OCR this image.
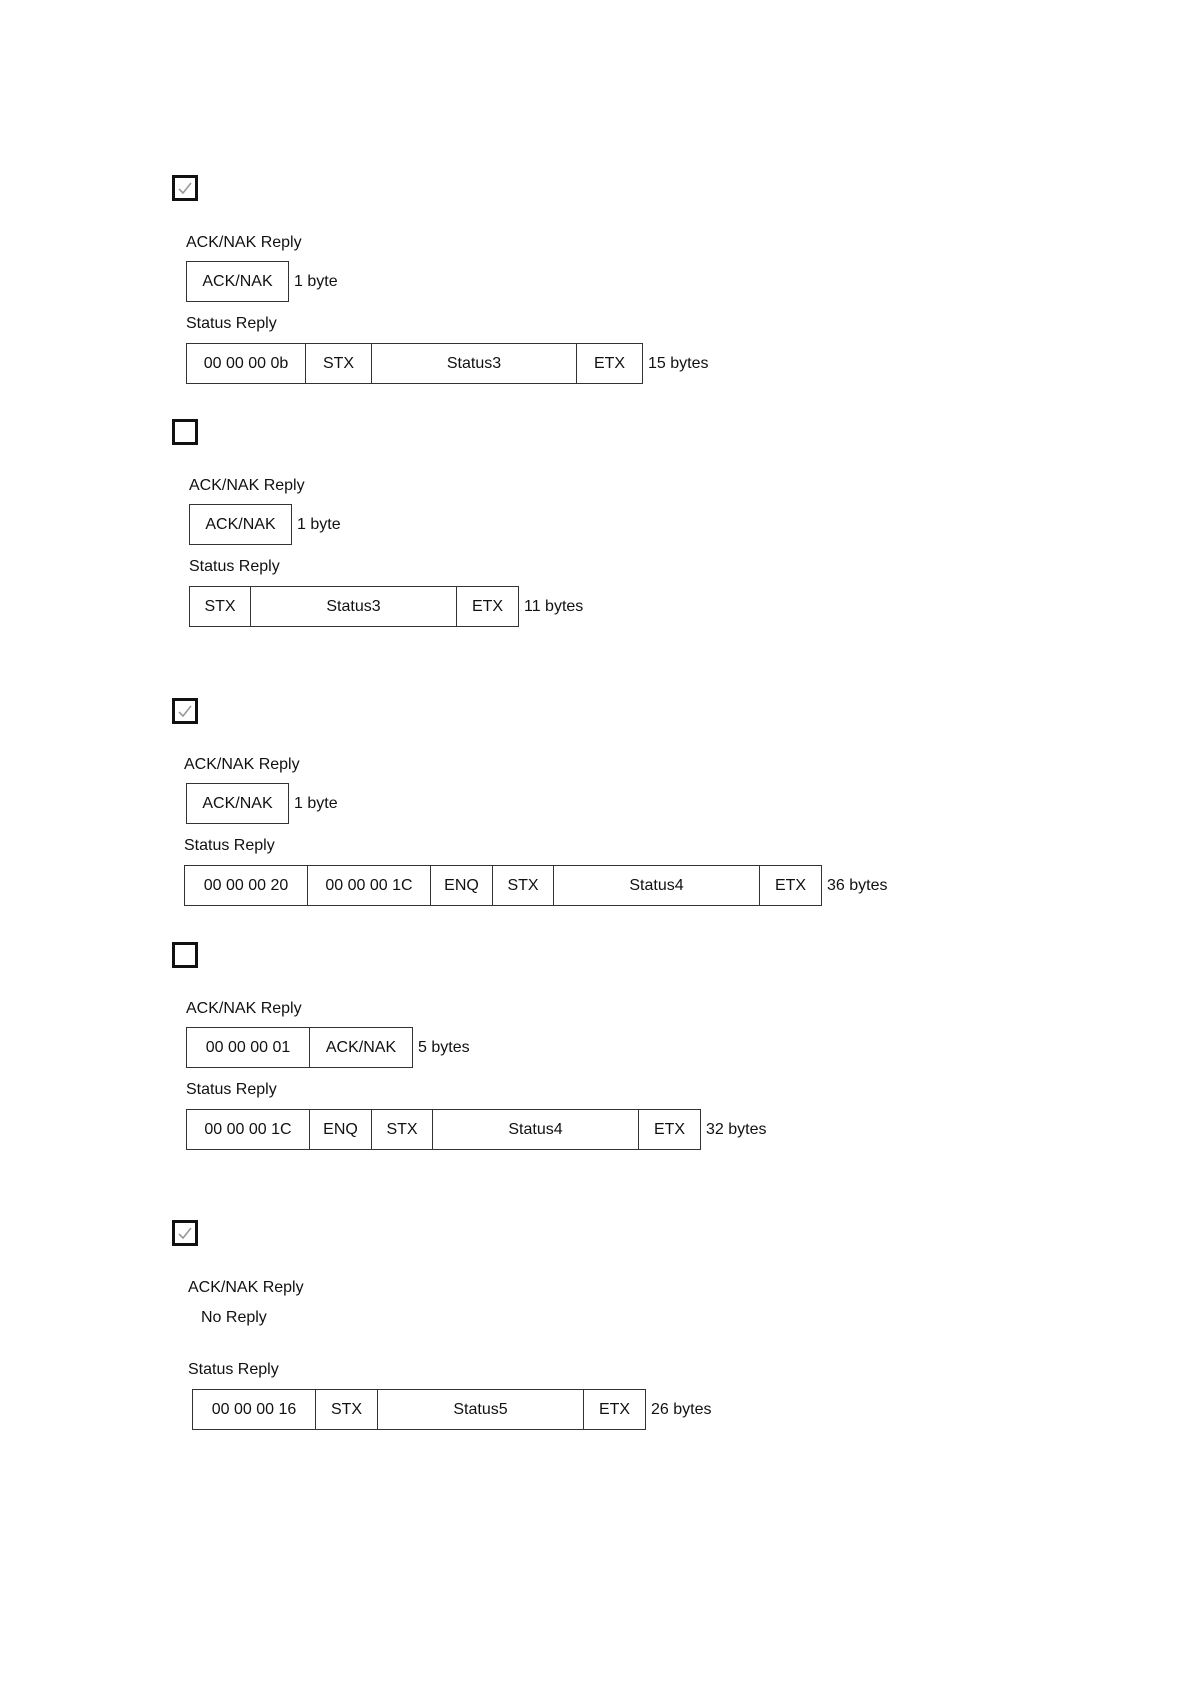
ACK/NAK Reply
ACK/NAK	1 byte
Status Reply
00 00 00 0b	STX	Status3	ETX	15 bytes
ACK/NAK Reply
ACK/NAK	1 byte
Status Reply
STX	Status3	ETX	11 bytes
ACK/NAK Reply
ACK/NAK	1 byte
Status Reply
00 00 00 20	00 00 00 1C	ENQ	STX	Status4	ETX	36 bytes
ACK/NAK Reply
00 00 00 01	ACK/NAK	5 bytes
Status Reply
00 00 00 1C	ENQ	STX	Status4	ETX	32 bytes
ACK/NAK Reply
No Reply
Status Reply
00 00 00 16	STX	Status5	ETX	26 bytes
